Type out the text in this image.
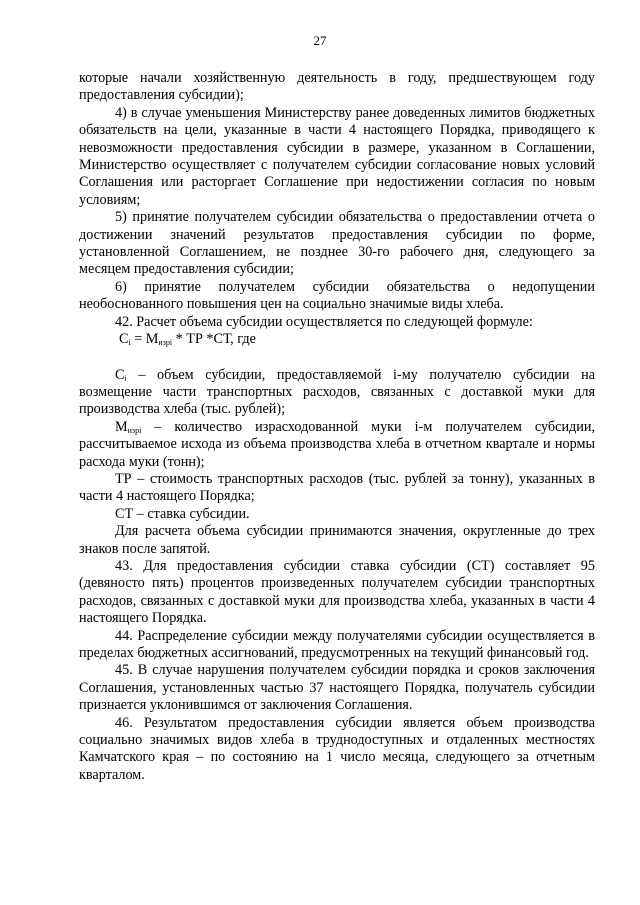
27

которые начали хозяйственную деятельность в году, предшествующем году предоставления субсидии);

4) в случае уменьшения Министерству ранее доведенных лимитов бюджетных обязательств на цели, указанные в части 4 настоящего Порядка, приводящего к невозможности предоставления субсидии в размере, указанном в Соглашении, Министерство осуществляет с получателем субсидии согласование новых условий Соглашения или расторгает Соглашение при недостижении согласия по новым условиям;

5) принятие получателем субсидии обязательства о предоставлении отчета о достижении значений результатов предоставления субсидии по форме, установленной Соглашением, не позднее 30-го рабочего дня, следующего за месяцем предоставления субсидии;

6) принятие получателем субсидии обязательства о недопущении необоснованного повышения цен на социально значимые виды хлеба.

42. Расчет объема субсидии осуществляется по следующей формуле:

$С_i = М_{изрi}$ * ТР *СТ, где

$С_i$ – объем субсидии, предоставляемой i-му получателю субсидии на возмещение части транспортных расходов, связанных с доставкой муки для производства хлеба (тыс. рублей);

$М_{изрi}$ – количество израсходованной муки i-м получателем субсидии, рассчитываемое исхода из объема производства хлеба в отчетном квартале и нормы расхода муки (тонн);

ТР – стоимость транспортных расходов (тыс. рублей за тонну), указанных в части 4 настоящего Порядка;

СТ – ставка субсидии.

Для расчета объема субсидии принимаются значения, округленные до трех знаков после запятой.

43. Для предоставления субсидии ставка субсидии (СТ) составляет 95 (девяносто пять) процентов произведенных получателем субсидии транспортных расходов, связанных с доставкой муки для производства хлеба, указанных в части 4 настоящего Порядка.

44. Распределение субсидии между получателями субсидии осуществляется в пределах бюджетных ассигнований, предусмотренных на текущий финансовый год.

45. В случае нарушения получателем субсидии порядка и сроков заключения Соглашения, установленных частью 37 настоящего Порядка, получатель субсидии признается уклонившимся от заключения Соглашения.

46. Результатом предоставления субсидии является объем производства социально значимых видов хлеба в труднодоступных и отдаленных местностях Камчатского края – по состоянию на 1 число месяца, следующего за отчетным кварталом.
